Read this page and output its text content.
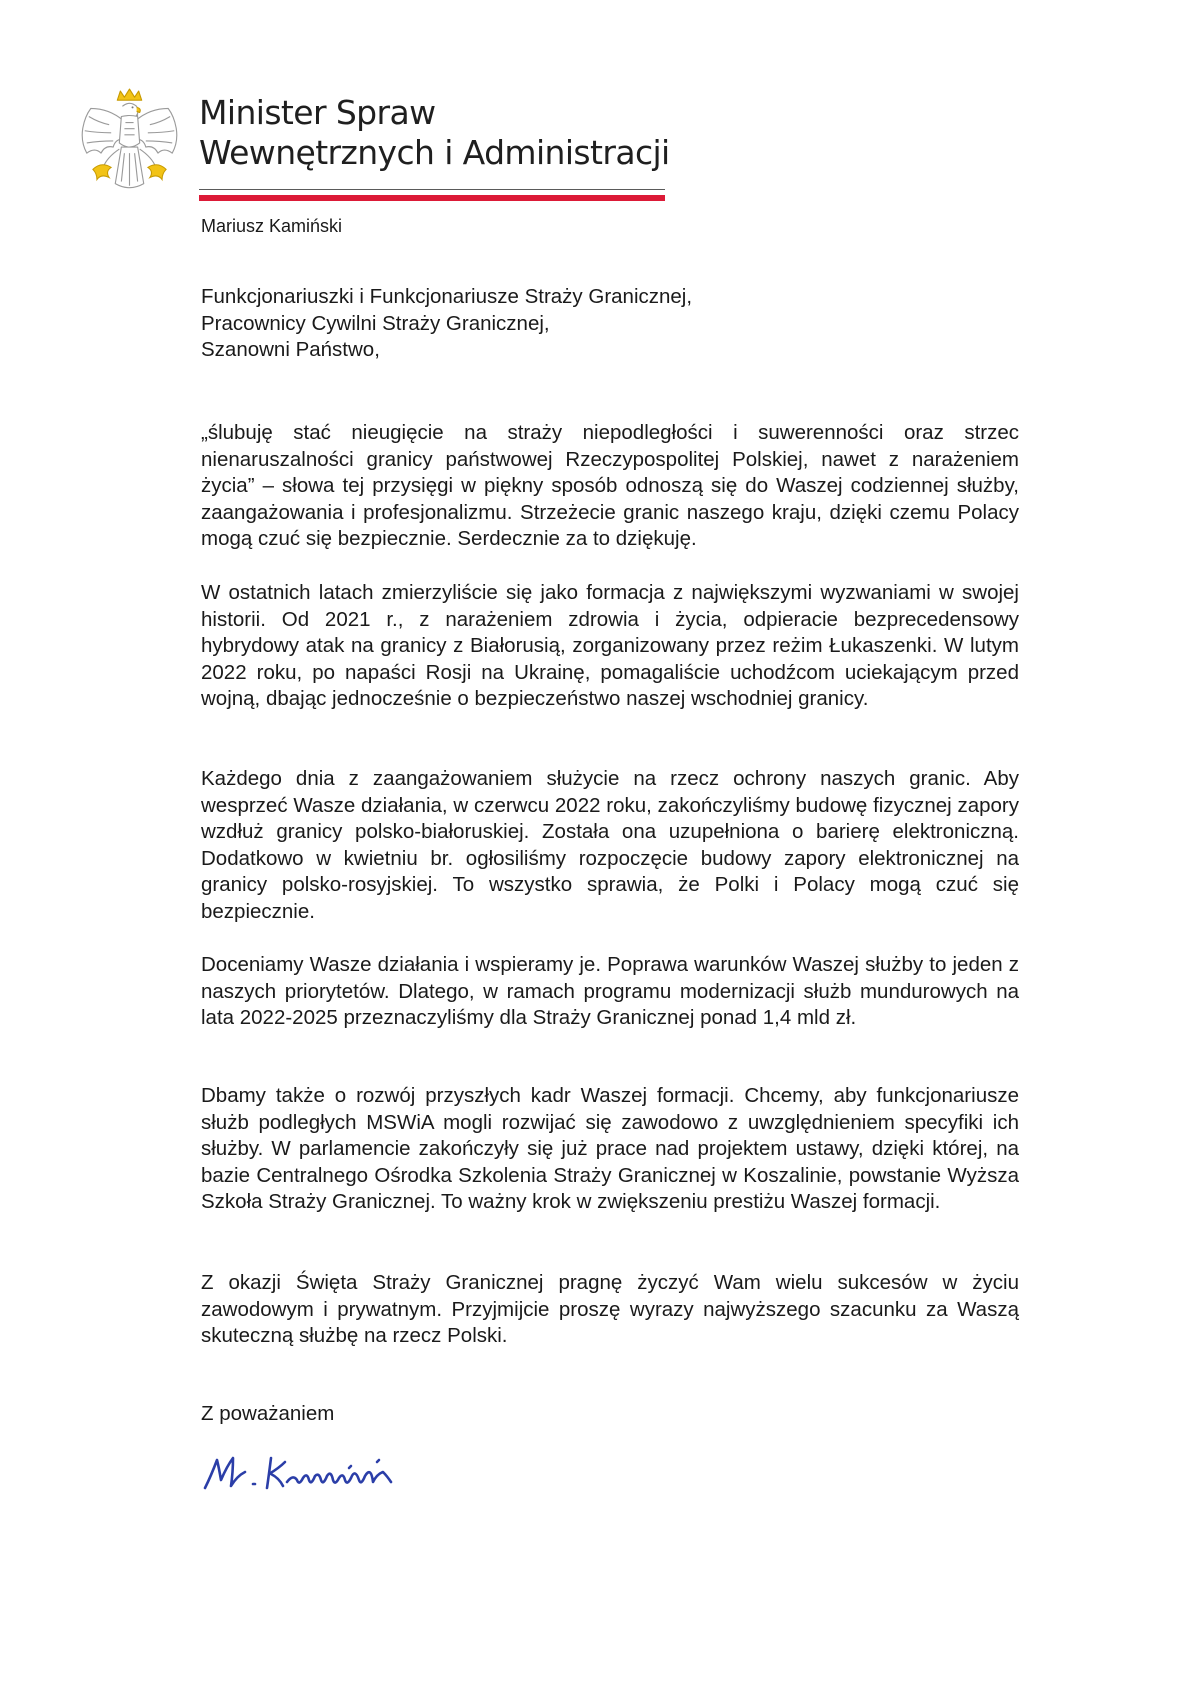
Minister Spraw
Wewnętrznych i Administracji
Mariusz Kamiński
Funkcjonariuszki i Funkcjonariusze Straży Granicznej,
Pracownicy Cywilni Straży Granicznej,
Szanowni Państwo,

„ślubuję stać nieugięcie na straży niepodległości i suwerenności oraz strzec nienaruszalności granicy państwowej Rzeczypospolitej Polskiej, nawet z narażeniem życia” – słowa tej przysięgi w piękny sposób odnoszą się do Waszej codziennej służby, zaangażowania i profesjonalizmu. Strzeżecie granic naszego kraju, dzięki czemu Polacy mogą czuć się bezpiecznie. Serdecznie za to dziękuję.

W ostatnich latach zmierzyliście się jako formacja z największymi wyzwaniami w swojej historii. Od 2021 r., z narażeniem zdrowia i życia, odpieracie bezprecedensowy hybrydowy atak na granicy z Białorusią, zorganizowany przez reżim Łukaszenki. W lutym 2022 roku, po napaści Rosji na Ukrainę, pomagaliście uchodźcom uciekającym przed wojną, dbając jednocześnie o bezpieczeństwo naszej wschodniej granicy.

Każdego dnia z zaangażowaniem służycie na rzecz ochrony naszych granic. Aby wesprzeć Wasze działania, w czerwcu 2022 roku, zakończyliśmy budowę fizycznej zapory wzdłuż granicy polsko-białoruskiej. Została ona uzupełniona o barierę elektroniczną. Dodatkowo w kwietniu br. ogłosiliśmy rozpoczęcie budowy zapory elektronicznej na granicy polsko-rosyjskiej. To wszystko sprawia, że Polki i Polacy mogą czuć się bezpiecznie.

Doceniamy Wasze działania i wspieramy je. Poprawa warunków Waszej służby to jeden z naszych priorytetów. Dlatego, w ramach programu modernizacji służb mundurowych na lata 2022-2025 przeznaczyliśmy dla Straży Granicznej ponad 1,4 mld zł.

Dbamy także o rozwój przyszłych kadr Waszej formacji. Chcemy, aby funkcjonariusze służb podległych MSWiA mogli rozwijać się zawodowo z uwzględnieniem specyfiki ich służby. W parlamencie zakończyły się już prace nad projektem ustawy, dzięki której, na bazie Centralnego Ośrodka Szkolenia Straży Granicznej w Koszalinie, powstanie Wyższa Szkoła Straży Granicznej. To ważny krok w zwiększeniu prestiżu Waszej formacji.

Z okazji Święta Straży Granicznej pragnę życzyć Wam wielu sukcesów w życiu zawodowym i prywatnym. Przyjmijcie proszę wyrazy najwyższego szacunku za Waszą skuteczną służbę na rzecz Polski.

Z poważaniem
